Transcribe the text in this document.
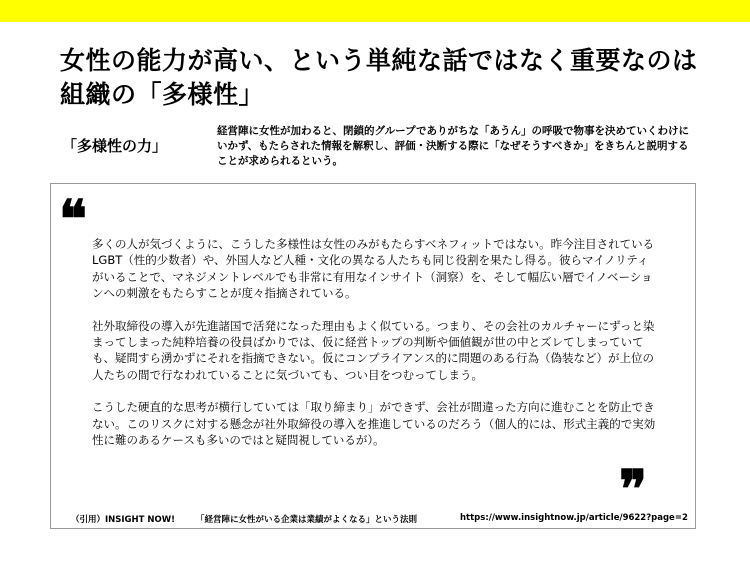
女性の能力が高い、という単純な話ではなく重要なのは組織の「多様性」
「多様性の力」
経営陣に女性が加わると、閉鎖的グループでありがちな「あうん」の呼吸で物事を決めていくわけにいかず、もたらされた情報を解釈し、評価・決断する際に「なぜそうすべきか」をきちんと説明することが求められるという。
❝ 多くの人が気づくように、こうした多様性は女性のみがもたらすベネフィットではない。昨今注目されているLGBT（性的少数者）や、外国人など人種・文化の異なる人たちも同じ役割を果たし得る。彼らマイノリティがいることで、マネジメントレベルでも非常に有用なインサイト（洞察）を、そして幅広い層でイノベーションへの刺激をもたらすことが度々指摘されている。

社外取締役の導入が先進諸国で活発になった理由もよく似ている。つまり、その会社のカルチャーにずっと染まってしまった純粋培養の役員ばかりでは、仮に経営トップの判断や価値観が世の中とズレてしまっていても、疑問すら湧かずにそれを指摘できない。仮にコンプライアンス的に問題のある行為（偽装など）が上位の人たちの間で行なわれていることに気づいても、つい目をつむってしまう。

こうした硬直的な思考が横行していては「取り締まり」ができず、会社が間違った方向に進むことを防止できない。このリスクに対する懸念が社外取締役の導入を推進しているのだろう（個人的には、形式主義的で実効性に難のあるケースも多いのではと疑問視しているが）。

❞
（引用）INSIGHT NOW! 「経営陣に女性がいる企業は業績がよくなる」という法則	https://www.insightnow.jp/article/9622?page=2
